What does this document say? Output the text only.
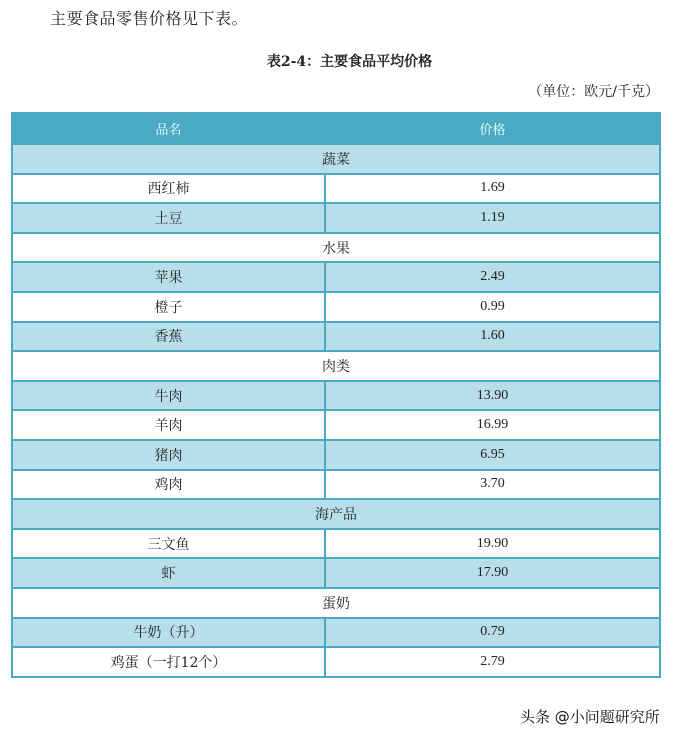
主要食品零售价格见下表。
表2-4：主要食品平均价格
（单位：欧元/千克）
品名	价格
蔬菜	
西红柿	1.69
土豆	1.19
水果	
苹果	2.49
橙子	0.99
香蕉	1.60
肉类	
牛肉	13.90
羊肉	16.99
猪肉	6.95
鸡肉	3.70
海产品	
三文鱼	19.90
虾	17.90
蛋奶	
牛奶（升）	0.79
鸡蛋（一打12个）	2.79
头条 @小问题研究所
